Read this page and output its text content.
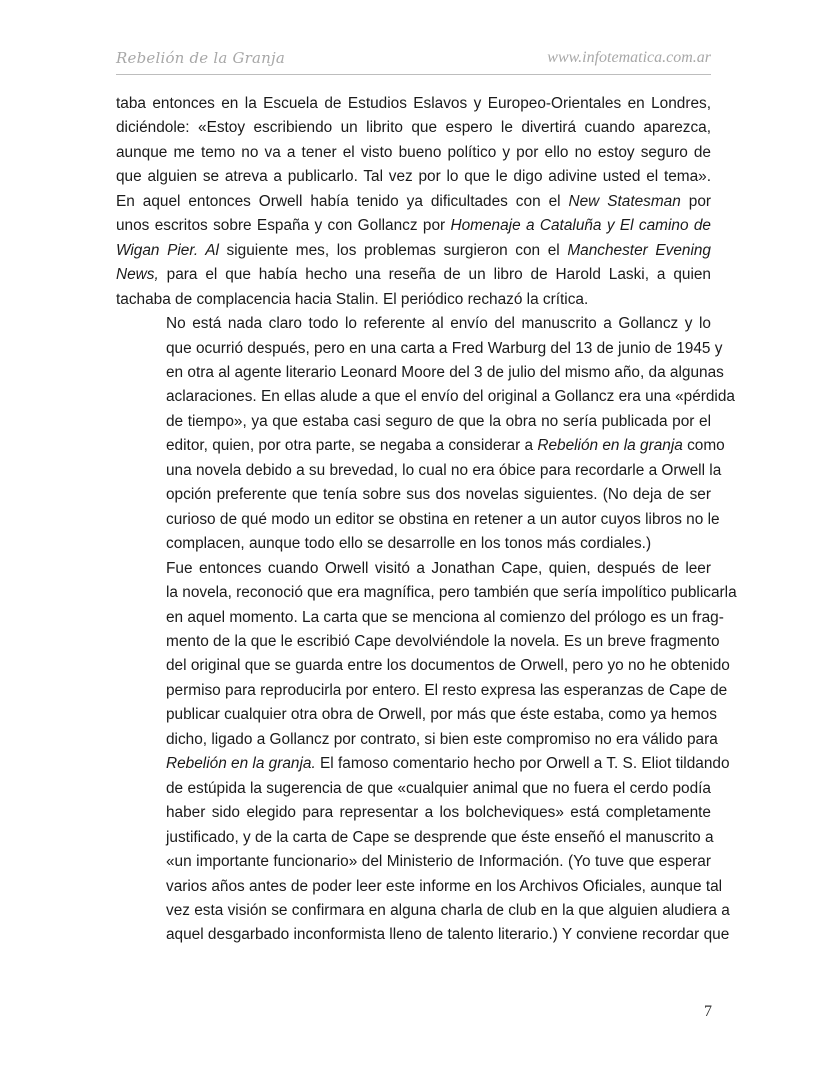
Rebelión de la Granja	www.infotematica.com.ar
taba entonces en la Escuela de Estudios Eslavos y Europeo-Orientales en Londres,
diciéndole: «Estoy escribiendo un librito que espero le divertirá cuando aparezca,
aunque me temo no va a tener el visto bueno político y por ello no estoy seguro de
que alguien se atreva a publicarlo. Tal vez por lo que le digo adivine usted el tema».
En aquel entonces Orwell había tenido ya dificultades con el New Statesman por
unos escritos sobre España y con Gollancz por Homenaje a Cataluña y El camino de
Wigan Pier. Al siguiente mes, los problemas surgieron con el Manchester Evening
News, para el que había hecho una reseña de un libro de Harold Laski, a quien
tachaba de complacencia hacia Stalin. El periódico rechazó la crítica.
No está nada claro todo lo referente al envío del manuscrito a Gollancz y lo
que ocurrió después, pero en una carta a Fred Warburg del 13 de junio de 1945 y
en otra al agente literario Leonard Moore del 3 de julio del mismo año, da algunas
aclaraciones. En ellas alude a que el envío del original a Gollancz era una «pérdida
de tiempo», ya que estaba casi seguro de que la obra no sería publicada por el
editor, quien, por otra parte, se negaba a considerar a Rebelión en la granja como
una novela debido a su brevedad, lo cual no era óbice para recordarle a Orwell la
opción preferente que tenía sobre sus dos novelas siguientes. (No deja de ser
curioso de qué modo un editor se obstina en retener a un autor cuyos libros no le
complacen, aunque todo ello se desarrolle en los tonos más cordiales.)
Fue entonces cuando Orwell visitó a Jonathan Cape, quien, después de leer
la novela, reconoció que era magnífica, pero también que sería impolítico publicarla
en aquel momento. La carta que se menciona al comienzo del prólogo es un frag-
mento de la que le escribió Cape devolviéndole la novela. Es un breve fragmento
del original que se guarda entre los documentos de Orwell, pero yo no he obtenido
permiso para reproducirla por entero. El resto expresa las esperanzas de Cape de
publicar cualquier otra obra de Orwell, por más que éste estaba, como ya hemos
dicho, ligado a Gollancz por contrato, si bien este compromiso no era válido para
Rebelión en la granja. El famoso comentario hecho por Orwell a T. S. Eliot tildando
de estúpida la sugerencia de que «cualquier animal que no fuera el cerdo podía
haber sido elegido para representar a los bolcheviques» está completamente
justificado, y de la carta de Cape se desprende que éste enseñó el manuscrito a
«un importante funcionario» del Ministerio de Información. (Yo tuve que esperar
varios años antes de poder leer este informe en los Archivos Oficiales, aunque tal
vez esta visión se confirmara en alguna charla de club en la que alguien aludiera a
aquel desgarbado inconformista lleno de talento literario.) Y conviene recordar que
7
